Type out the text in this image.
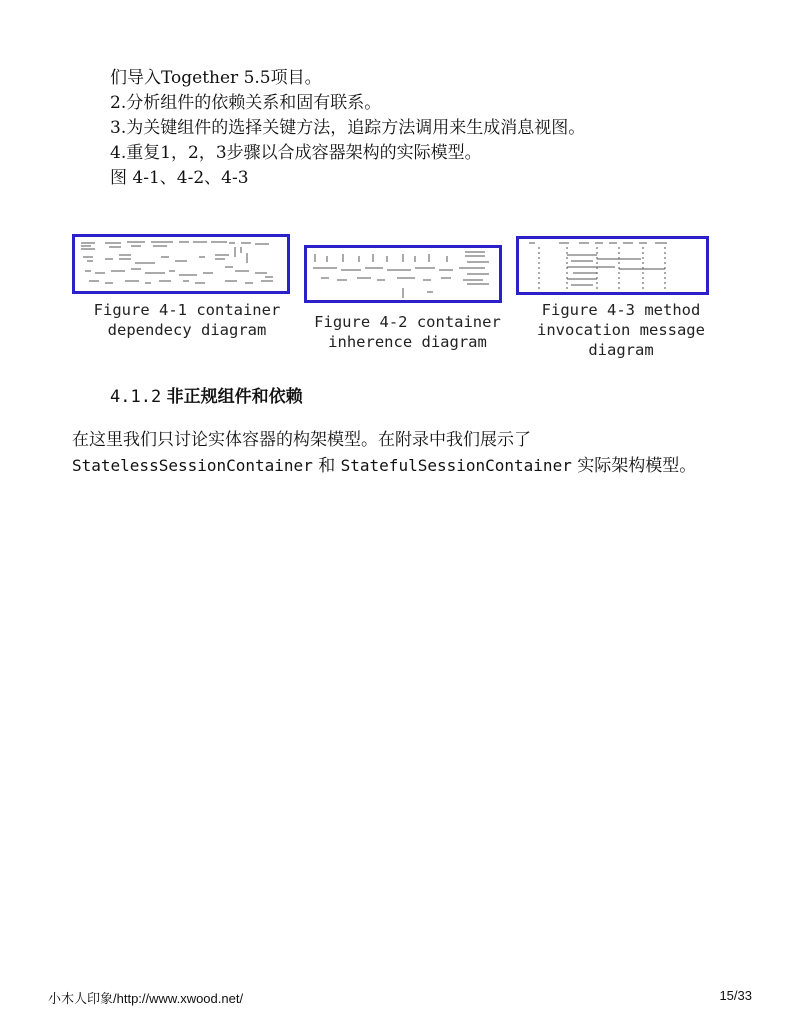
们导入Together 5.5项目。
2.分析组件的依赖关系和固有联系。
3.为关键组件的选择关键方法，追踪方法调用来生成消息视图。
4.重复1，2，3步骤以合成容器架构的实际模型。
图 4-1、4-2、4-3
Figure 4-1 container
dependecy diagram	Figure 4-2 container
inherence diagram
Figure 4-3 method
invocation message
diagram
4.1.2 非正规组件和依赖
在这里我们只讨论实体容器的构架模型。在附录中我们展示了
StatelessSessionContainer 和 StatefulSessionContainer 实际架构模型。
小木人印象/http://www.xwood.net/	15/33
